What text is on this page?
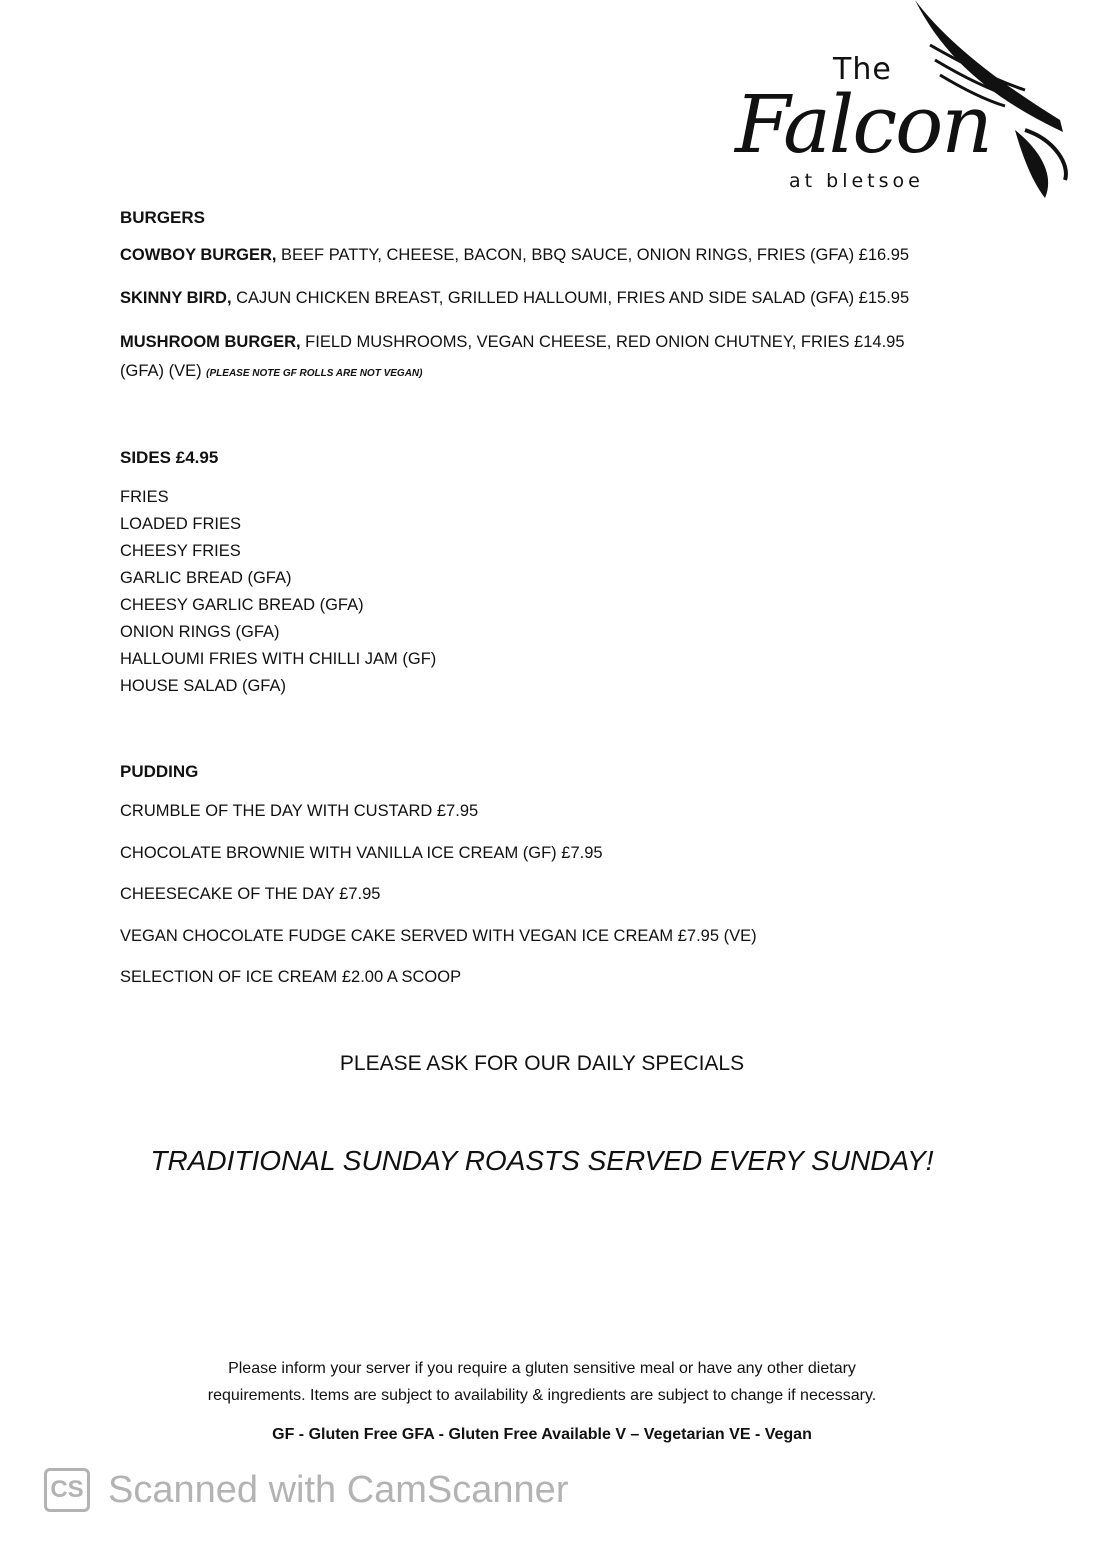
The
Falcon
at bletsoe

BURGERS

COWBOY BURGER, BEEF PATTY, CHEESE, BACON, BBQ SAUCE, ONION RINGS, FRIES (GFA) £16.95

SKINNY BIRD, CAJUN CHICKEN BREAST, GRILLED HALLOUMI, FRIES AND SIDE SALAD (GFA) £15.95

MUSHROOM BURGER, FIELD MUSHROOMS, VEGAN CHEESE, RED ONION CHUTNEY, FRIES £14.95

(GFA) (VE) (PLEASE NOTE GF ROLLS ARE NOT VEGAN)

SIDES £4.95

FRIES

LOADED FRIES

CHEESY FRIES

GARLIC BREAD (GFA)

CHEESY GARLIC BREAD (GFA)

ONION RINGS (GFA)

HALLOUMI FRIES WITH CHILLI JAM (GF)

HOUSE SALAD (GFA)

PUDDING

CRUMBLE OF THE DAY WITH CUSTARD £7.95

CHOCOLATE BROWNIE WITH VANILLA ICE CREAM (GF) £7.95

CHEESECAKE OF THE DAY £7.95

VEGAN CHOCOLATE FUDGE CAKE SERVED WITH VEGAN ICE CREAM £7.95 (VE)

SELECTION OF ICE CREAM £2.00 A SCOOP

PLEASE ASK FOR OUR DAILY SPECIALS
TRADITIONAL SUNDAY ROASTS SERVED EVERY SUNDAY!
Please inform your server if you require a gluten sensitive meal or have any other dietary
requirements. Items are subject to availability & ingredients are subject to change if necessary.
GF - Gluten Free GFA - Gluten Free Available V – Vegetarian VE - Vegan
CS Scanned with CamScanner
